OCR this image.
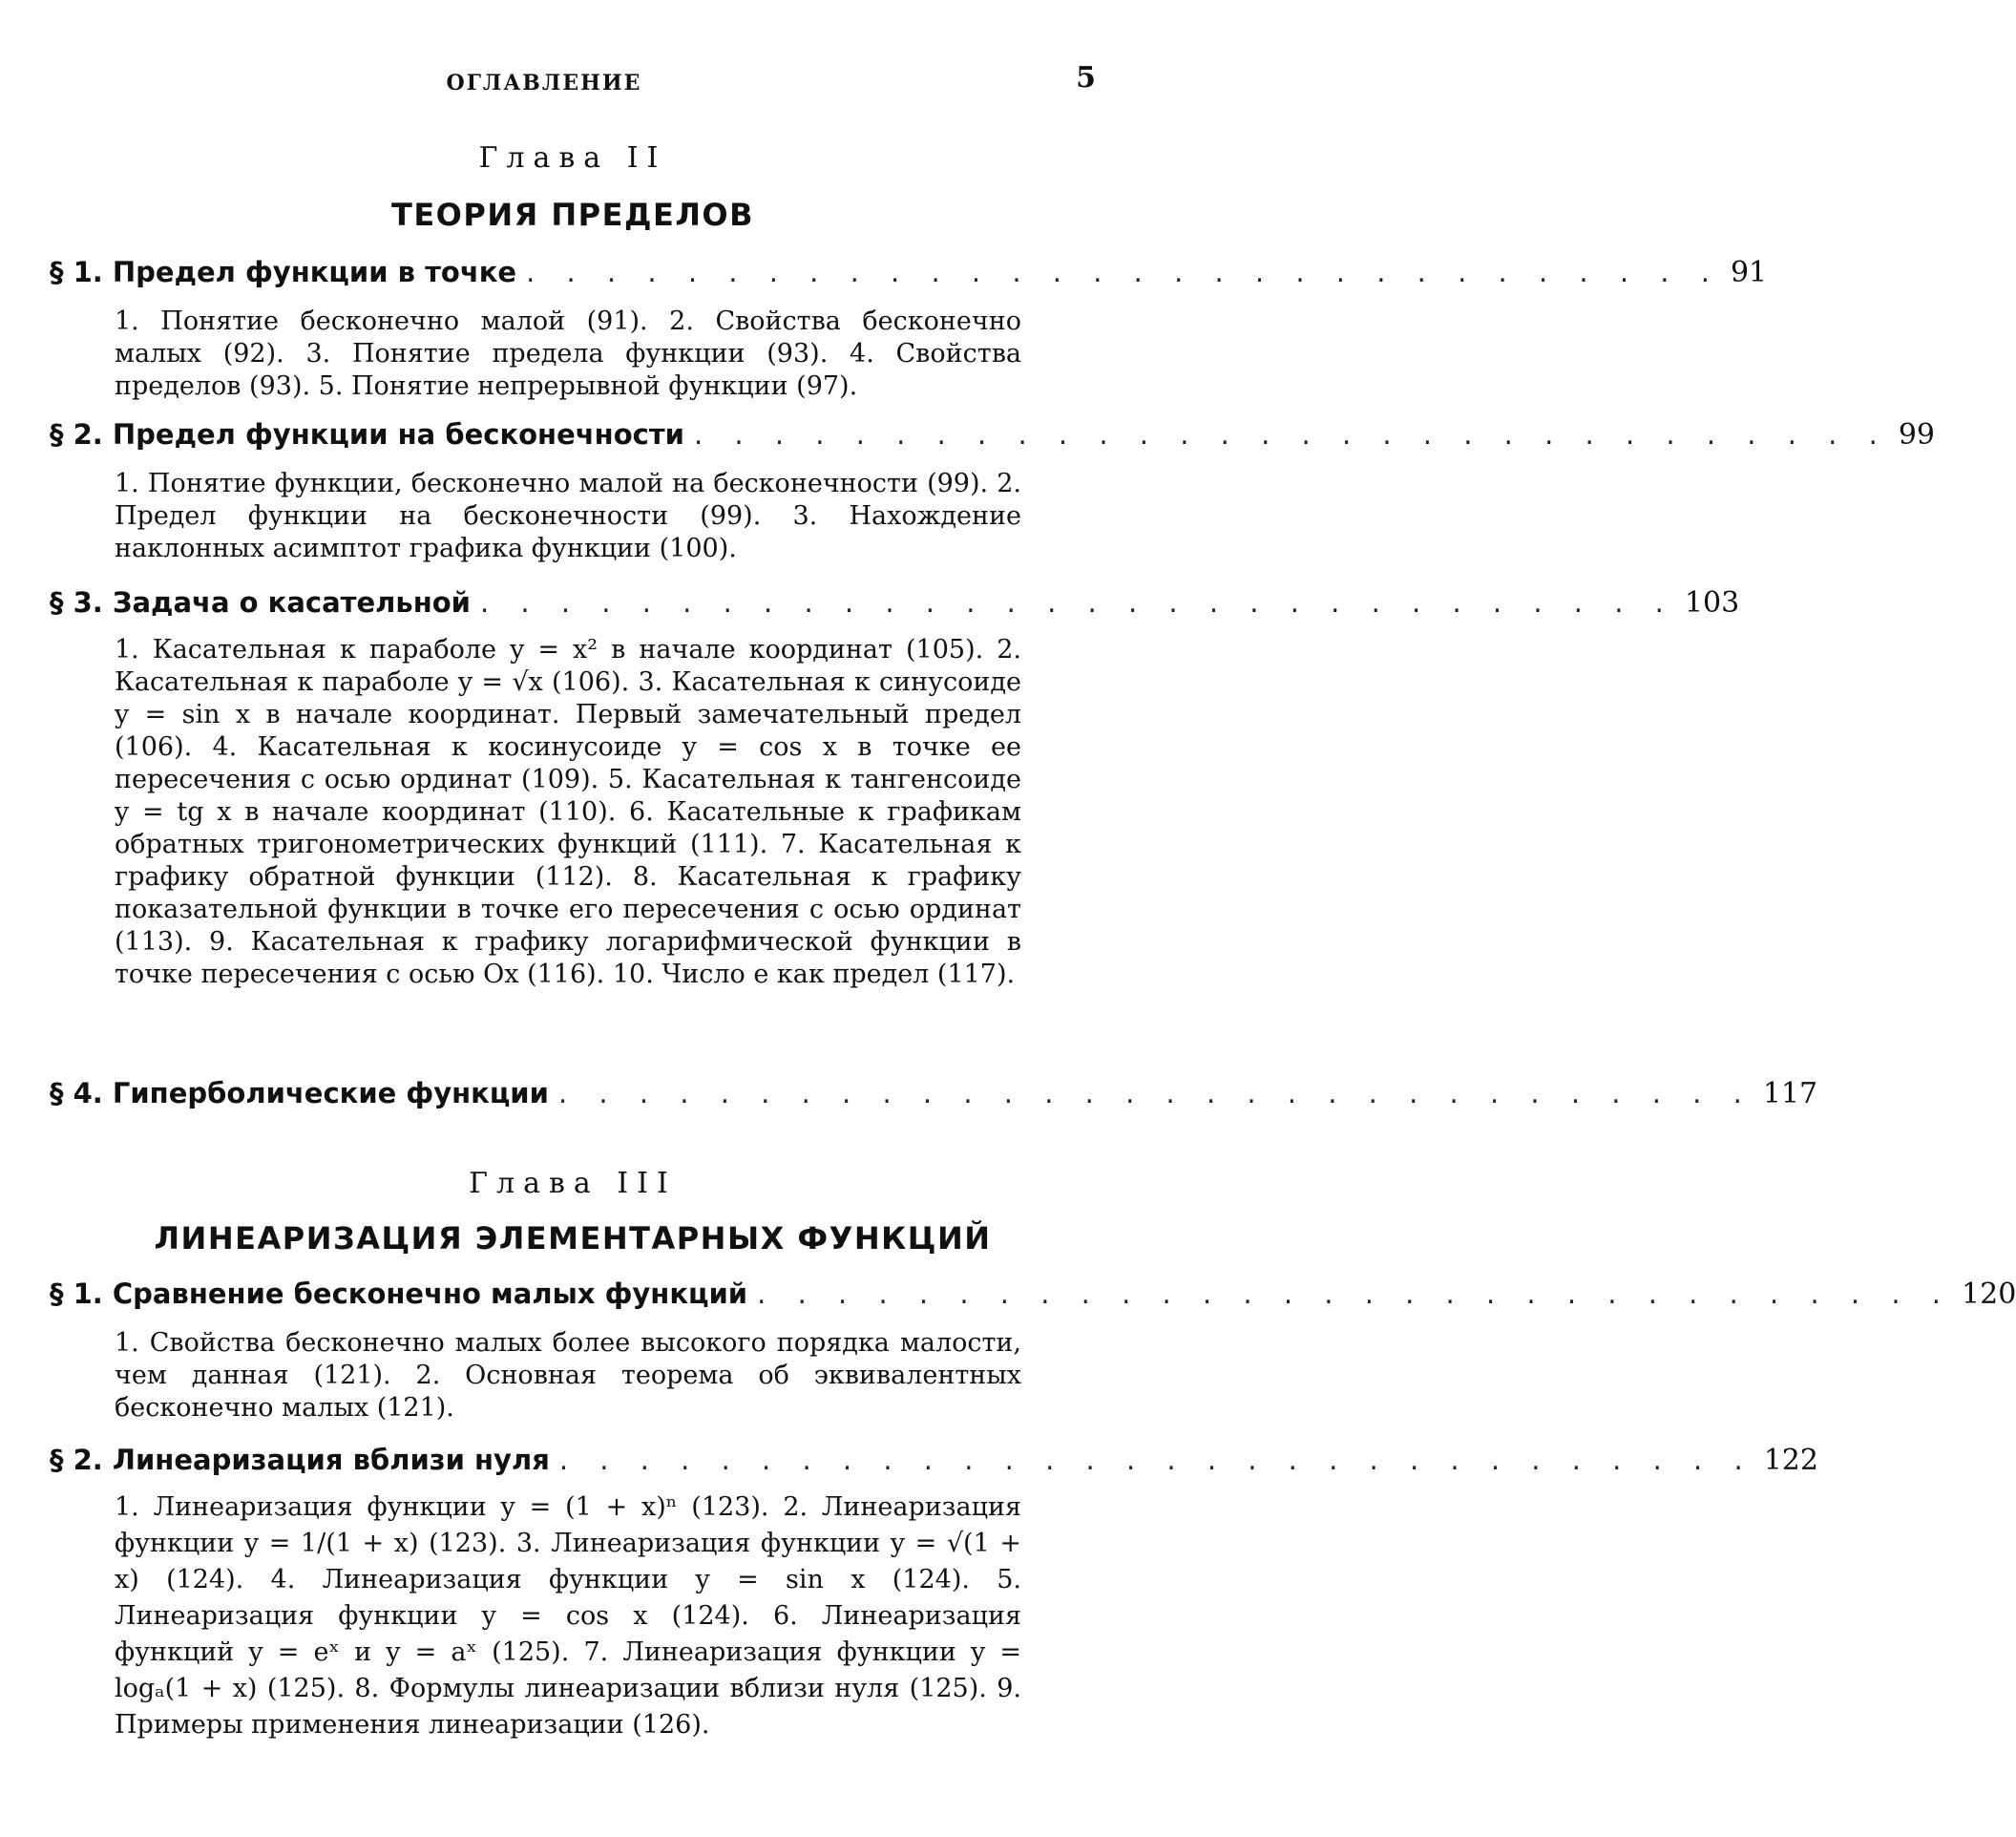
ОГЛАВЛЕНИЕ	5
Глава II
ТЕОРИЯ ПРЕДЕЛОВ
§ 1. Предел функции в точке . . . . . . . . . . . . . . . . . . . . . . . . . . . . . . 91
1. Понятие бесконечно малой (91). 2. Свойства бесконечно малых (92). 3. Понятие предела функции (93). 4. Свойства пределов (93). 5. Понятие непрерывной функции (97).
§ 2. Предел функции на бесконечности . . . . . . . . . . . . . . . . . . . . . . . . . . . . . . 99
1. Понятие функции, бесконечно малой на бесконечности (99). 2. Предел функции на бесконечности (99). 3. Нахождение наклонных асимптот графика функции (100).
§ 3. Задача о касательной . . . . . . . . . . . . . . . . . . . . . . . . . . . . . . 103
1. Касательная к параболе y = x² в начале координат (105). 2. Касательная к параболе y = √x (106). 3. Касательная к синусоиде y = sin x в начале координат. Первый замечательный предел (106). 4. Касательная к косинусоиде y = cos x в точке ее пересечения с осью ординат (109). 5. Касательная к тангенсоиде y = tg x в начале координат (110). 6. Касательные к графикам обратных тригонометрических функций (111). 7. Касательная к графику обратной функции (112). 8. Касательная к графику показательной функции в точке его пересечения с осью ординат (113). 9. Касательная к графику логарифмической функции в точке пересечения с осью Ox (116). 10. Число e как предел (117).
§ 4. Гиперболические функции . . . . . . . . . . . . . . . . . . . . . . . . . . . . . . 117
Глава III
ЛИНЕАРИЗАЦИЯ ЭЛЕМЕНТАРНЫХ ФУНКЦИЙ
§ 1. Сравнение бесконечно малых функций . . . . . . . . . . . . . . . . . . . . . . . . . . . . . . 120
1. Свойства бесконечно малых более высокого порядка малости, чем данная (121). 2. Основная теорема об эквивалентных бесконечно малых (121).
§ 2. Линеаризация вблизи нуля . . . . . . . . . . . . . . . . . . . . . . . . . . . . . . 122
1. Линеаризация функции y = (1 + x)ⁿ (123). 2. Линеаризация функции y = 1/(1 + x) (123). 3. Линеаризация функции y = √(1 + x) (124). 4. Линеаризация функции y = sin x (124). 5. Линеаризация функции y = cos x (124). 6. Линеаризация функций y = eˣ и y = aˣ (125). 7. Линеаризация функции y = logₐ(1 + x) (125). 8. Формулы линеаризации вблизи нуля (125). 9. Примеры применения линеаризации (126).
